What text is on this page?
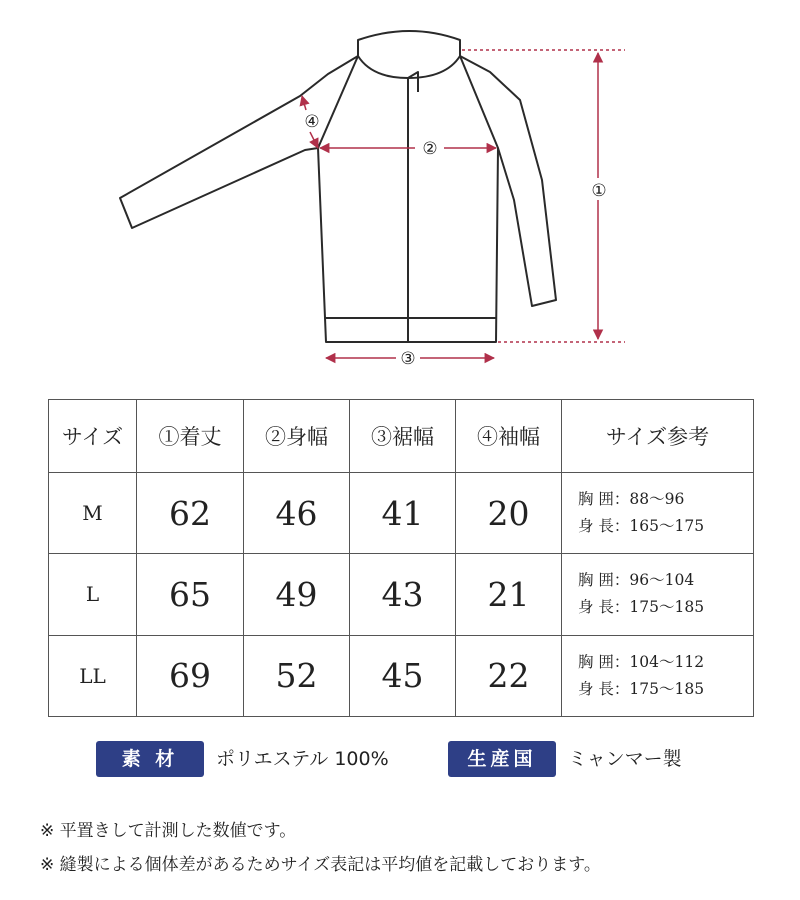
①
②
③
④
サイズ	①着丈	②身幅	③裾幅	④袖幅	サイズ参考
M	62	46	41	20	胸 囲：88～96
身 長：165～175

L	65	49	43	21	胸 囲：96～104
身 長：175～185

LL	69	52	45	22	胸 囲：104～112
身 長：175～185
素 材	ポリエステル 100%	生産国	ミャンマー製
※ 平置きして計測した数値です。
※ 縫製による個体差があるためサイズ表記は平均値を記載しております。
